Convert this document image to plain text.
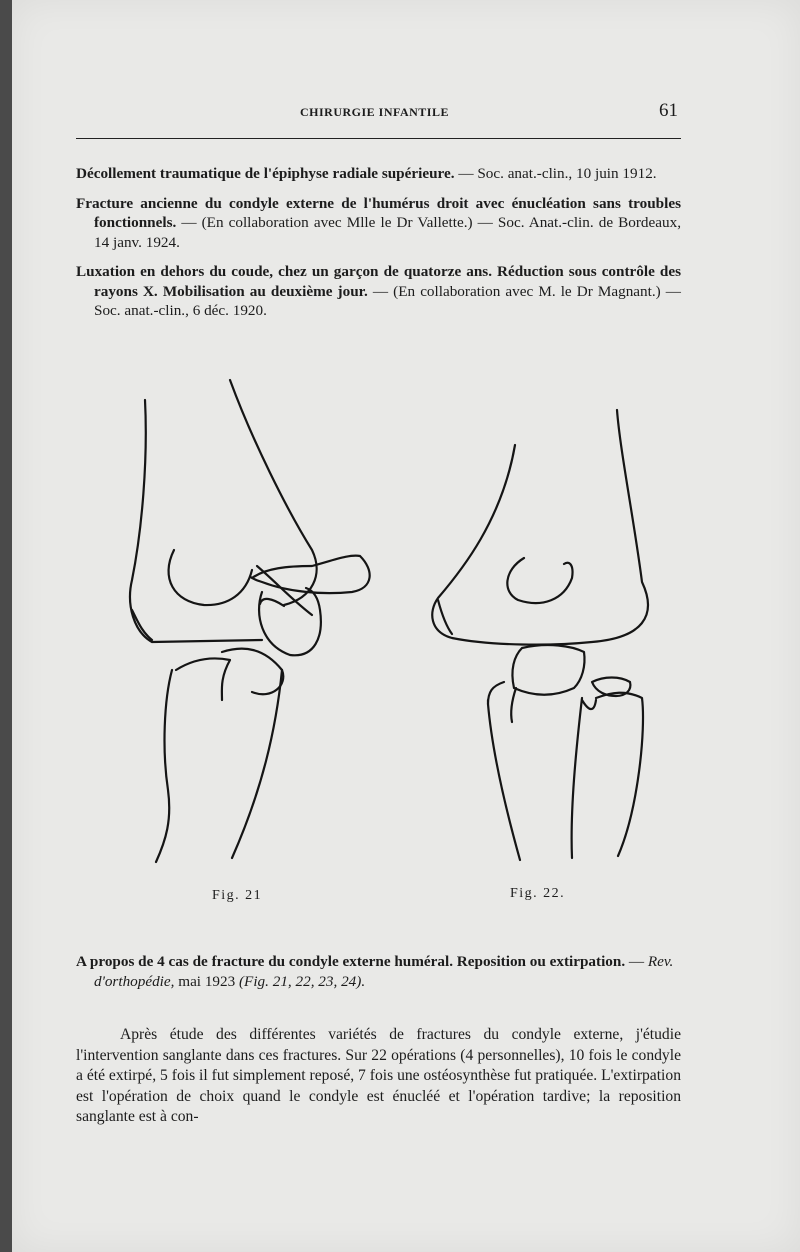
CHIRURGIE INFANTILE	61

Décollement traumatique de l'épiphyse radiale supérieure. — Soc. anat.-clin., 10 juin 1912.

Fracture ancienne du condyle externe de l'humérus droit avec énucléation sans troubles fonctionnels. — (En collaboration avec Mlle le Dr Vallette.) — Soc. Anat.-clin. de Bordeaux, 14 janv. 1924.

Luxation en dehors du coude, chez un garçon de quatorze ans. Réduction sous contrôle des rayons X. Mobilisation au deuxième jour. — (En collaboration avec M. le Dr Magnant.) — Soc. anat.-clin., 6 déc. 1920.

Fig. 21	Fig. 22.

A propos de 4 cas de fracture du condyle externe huméral. Reposition ou extirpation. — Rev. d'orthopédie, mai 1923 (Fig. 21, 22, 23, 24).

Après étude des différentes variétés de fractures du condyle externe, j'étudie l'intervention sanglante dans ces fractures. Sur 22 opérations (4 personnelles), 10 fois le condyle a été extirpé, 5 fois il fut simplement reposé, 7 fois une ostéosynthèse fut pratiquée. L'extirpation est l'opération de choix quand le condyle est énucléé et l'opération tardive; la reposition sanglante est à con-
